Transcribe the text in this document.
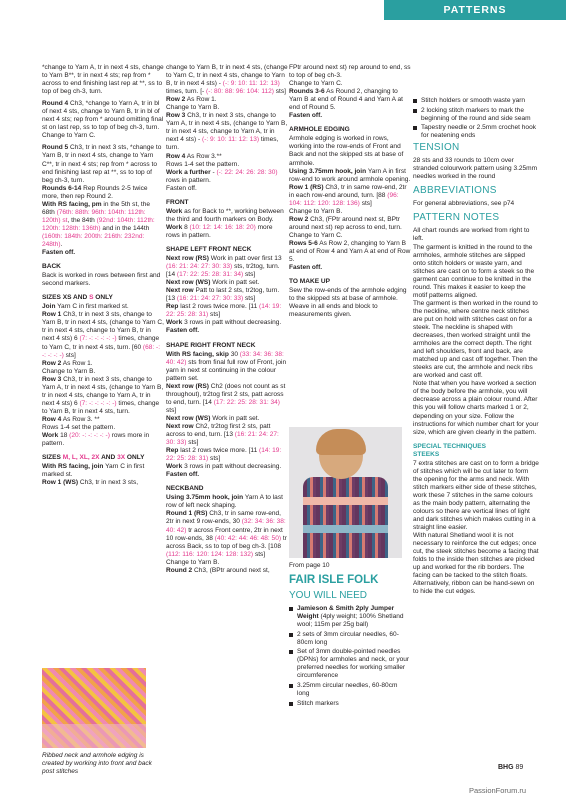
PATTERNS

*change to Yarn A, tr in next 4 sts, change to Yarn B**, tr in next 4 sts; rep from * across to end finishing last rep at **, ss to top of beg ch-3, turn.

Round 4 Ch3, *change to Yarn A, tr in bl of next 4 sts, change to Yarn B, tr in bl of next 4 sts; rep from * around omitting final st on last rep, ss to top of beg ch-3, turn.
Change to Yarn C.

Round 5 Ch3, tr in next 3 sts, *change to Yarn B, tr in next 4 sts, change to Yarn C**, tr in next 4 sts; rep from * across to end finishing last rep at **, ss to top of beg ch-3, turn.
Rounds 6-14 Rep Rounds 2-5 twice more, then rep Round 2.
With RS facing, pm in the 5th st, the 68th (76th: 88th: 96th: 104th: 112th: 120th) st, the 84th (92nd: 104th: 112th: 120th: 128th: 136th) and in the 144th (160th: 184th: 200th: 216th: 232nd: 248th).
Fasten off.

BACK

Back is worked in rows between first and second markers.

SIZES XS AND S ONLY

Join Yarn C in first marked st.
Row 1 Ch3, tr in next 3 sts, change to Yarn B, tr in next 4 sts, (change to Yarn C, tr in next 4 sts, change to Yarn B, tr in next 4 sts) 6 (7: -: -: -: -: -) times, change to Yarn C, tr in next 4 sts, turn. [60 (68: -: -: -: -: -) sts]
Row 2 As Row 1.
Change to Yarn B.
Row 3 Ch3, tr in next 3 sts, change to Yarn A, tr in next 4 sts, (change to Yarn B, tr in next 4 sts, change to Yarn A, tr in next 4 sts) 6 (7: -: -: -: -: -) times, change to Yarn B, tr in next 4 sts, turn.
Row 4 As Row 3. **
Rows 1-4 set the pattern.
Work 18 (20: -: -: -: -: -) rows more in pattern.

SIZES M, L, XL, 2X AND 3X ONLY

With RS facing, join Yarn C in first marked st.
Row 1 (WS) Ch3, tr in next 3 sts,

Ribbed neck and armhole edging is created by working into front and back post stitches

change to Yarn B, tr in next 4 sts, (change to Yarn C, tr in next 4 sts, change to Yarn B, tr in next 4 sts) - (-: 9: 10: 11: 12: 13) times, turn. [- (-: 80: 88: 96: 104: 112) sts]
Row 2 As Row 1.
Change to Yarn B.
Row 3 Ch3, tr in next 3 sts, change to Yarn A, tr in next 4 sts, (change to Yarn B, tr in next 4 sts, change to Yarn A, tr in next 4 sts) - (-: 9: 10: 11: 12: 13) times, turn.
Row 4 As Row 3.**
Rows 1-4 set the pattern.
Work a further - (-: 22: 24: 26: 28: 30) rows in pattern.
Fasten off.

FRONT

Work as for Back to **, working between the third and fourth markers on Body.
Work 8 (10: 12: 14: 16: 18: 20) more rows in pattern.

SHAPE LEFT FRONT NECK

Next row (RS) Work in patt over first 13 (16: 21: 24: 27: 30: 33) sts, tr2tog, turn. [14 (17: 22: 25: 28: 31: 34) sts]
Next row (WS) Work in patt set.
Next row Patt to last 2 sts, tr2tog, turn. [13 (16: 21: 24: 27: 30: 33) sts]
Rep last 2 rows twice more. [11 (14: 19: 22: 25: 28: 31) sts]
Work 3 rows in patt without decreasing.
Fasten off.

SHAPE RIGHT FRONT NECK

With RS facing, skip 30 (33: 34: 36: 38: 40: 42) sts from final full row of Front, join yarn in next st continuing in the colour pattern set.
Next row (RS) Ch2 (does not count as st throughout), tr2tog first 2 sts, patt across to end, turn. [14 (17: 22: 25: 28: 31: 34) sts]
Next row (WS) Work in patt set.
Next row Ch2, tr2tog first 2 sts, patt across to end, turn. [13 (16: 21: 24: 27: 30: 33) sts]
Rep last 2 rows twice more. [11 (14: 19: 22: 25: 28: 31) sts]
Work 3 rows in patt without decreasing.
Fasten off.

NECKBAND

Using 3.75mm hook, join Yarn A to last row of left neck shaping.
Round 1 (RS) Ch3, tr in same row-end, 2tr in next 9 row-ends, 30 (32: 34: 36: 38: 40: 42) tr across Front centre, 2tr in next 10 row-ends, 38 (40: 42: 44: 46: 48: 50) tr across Back, ss to top of beg ch-3. [108 (112: 116: 120: 124: 128: 132) sts]
Change to Yarn B.
Round 2 Ch3, (BPtr around next st,

FPtr around next st) rep around to end, ss to top of beg ch-3.
Change to Yarn C.
Rounds 3-6 As Round 2, changing to Yarn B at end of Round 4 and Yarn A at end of Round 5.
Fasten off.

ARMHOLE EDGING

Armhole edging is worked in rows, working into the row-ends of Front and Back and not the skipped sts at base of armhole.
Using 3.75mm hook, join Yarn A in first row-end to work around armhole opening.
Row 1 (RS) Ch3, tr in same row-end, 2tr in each row-end around, turn. [88 (96: 104: 112: 120: 128: 136) sts]
Change to Yarn B.
Row 2 Ch3, (FPtr around next st, BPtr around next st) rep across to end, turn.
Change to Yarn C.
Rows 5-6 As Row 2, changing to Yarn B at end of Row 4 and Yarn A at end of Row 5.
Fasten off.

TO MAKE UP

Sew the row-ends of the armhole edging to the skipped sts at base of armhole.
Weave in all ends and block to measurements given.

From page 10

FAIR ISLE FOLK

YOU WILL NEED

Jamieson & Smith 2ply Jumper Weight (4ply weight; 100% Shetland wool; 115m per 25g ball)
2 sets of 3mm circular needles, 60-80cm long
Set of 3mm double-pointed needles (DPNs) for armholes and neck, or your preferred needles for working smaller circumference
3.25mm circular needles, 60-80cm long
Stitch markers
Stitch holders or smooth waste yarn
2 locking stitch markers to mark the beginning of the round and side seam
Tapestry needle or 2.5mm crochet hook for neatening ends

TENSION

28 sts and 33 rounds to 10cm over stranded colourwork pattern using 3.25mm needles worked in the round

ABBREVIATIONS

For general abbreviations, see p74

PATTERN NOTES

All chart rounds are worked from right to left.
The garment is knitted in the round to the armholes, armhole stitches are slipped onto stitch holders or waste yarn, and stitches are cast on to form a steek so the garment can continue to be knitted in the round. This makes it easier to keep the motif patterns aligned.
The garment is then worked in the round to the neckline, where centre neck stitches are put on hold with stitches cast on for a steek. The neckline is shaped with decreases, then worked straight until the armholes are the correct depth. The right and left shoulders, front and back, are matched up and cast off together. Then the steeks are cut, the armhole and neck ribs are worked and cast off.
Note that when you have worked a section of the body before the armhole, you will decrease across a plain colour round. After this you will follow charts marked 1 or 2, depending on your size. Follow the instructions for which number chart for your size, which are given clearly in the pattern.

SPECIAL TECHNIQUES
STEEKS

7 extra stitches are cast on to form a bridge of stitches which will be cut later to form the opening for the arms and neck. With stitch markers either side of these stitches, work these 7 stitches in the same colours as the main body pattern, alternating the colours so there are vertical lines of light and dark stitches which makes cutting in a straight line easier.
With natural Shetland wool it is not necessary to reinforce the cut edges; once cut, the steek stitches become a facing that folds to the inside then stitches are picked up and worked for the rib borders. The facing can be tacked to the stitch floats. Alternatively, ribbon can be hand-sewn on to hide the cut edges.

BHG 89
PassionForum.ru
